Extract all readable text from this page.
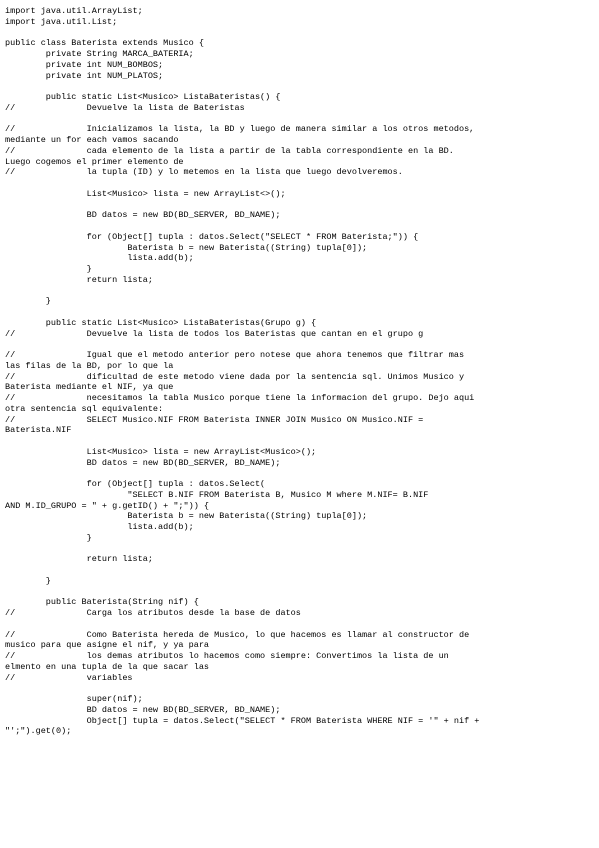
import java.util.ArrayList;
import java.util.List;
public class Baterista extends Musico {
private String MARCA_BATERIA;
private int NUM_BOMBOS;
private int NUM_PLATOS;
public static List<Musico> ListaBateristas() {
//              Devuelve la lista de Bateristas
//              Inicializamos la lista, la BD y luego de manera similar a los otros metodos,
mediante un for each vamos sacando
//              cada elemento de la lista a partir de la tabla correspondiente en la BD.
Luego cogemos el primer elemento de
//              la tupla (ID) y lo metemos en la lista que luego devolveremos.
List<Musico> lista = new ArrayList<>();
BD datos = new BD(BD_SERVER, BD_NAME);
for (Object[] tupla : datos.Select("SELECT * FROM Baterista;")) {
Baterista b = new Baterista((String) tupla[0]);
lista.add(b);
}
return lista;
}
public static List<Musico> ListaBateristas(Grupo g) {
//              Devuelve la lista de todos los Bateristas que cantan en el grupo g
//              Igual que el metodo anterior pero notese que ahora tenemos que filtrar mas
las filas de la BD, por lo que la
//              dificultad de este metodo viene dada por la sentencia sql. Unimos Musico y
Baterista mediante el NIF, ya que
//              necesitamos la tabla Musico porque tiene la informacion del grupo. Dejo aqui
otra sentencia sql equivalente:
//              SELECT Musico.NIF FROM Baterista INNER JOIN Musico ON Musico.NIF =
Baterista.NIF
List<Musico> lista = new ArrayList<Musico>();
BD datos = new BD(BD_SERVER, BD_NAME);
for (Object[] tupla : datos.Select(
"SELECT B.NIF FROM Baterista B, Musico M where M.NIF= B.NIF
AND M.ID_GRUPO = " + g.getID() + ";")) {
Baterista b = new Baterista((String) tupla[0]);
lista.add(b);
}
return lista;
}
public Baterista(String nif) {
//              Carga los atributos desde la base de datos
//              Como Baterista hereda de Musico, lo que hacemos es llamar al constructor de
musico para que asigne el nif, y ya para
//              los demas atributos lo hacemos como siempre: Convertimos la lista de un
elmento en una tupla de la que sacar las
//              variables
super(nif);
BD datos = new BD(BD_SERVER, BD_NAME);
Object[] tupla = datos.Select("SELECT * FROM Baterista WHERE NIF = '" + nif +
"';").get(0);
